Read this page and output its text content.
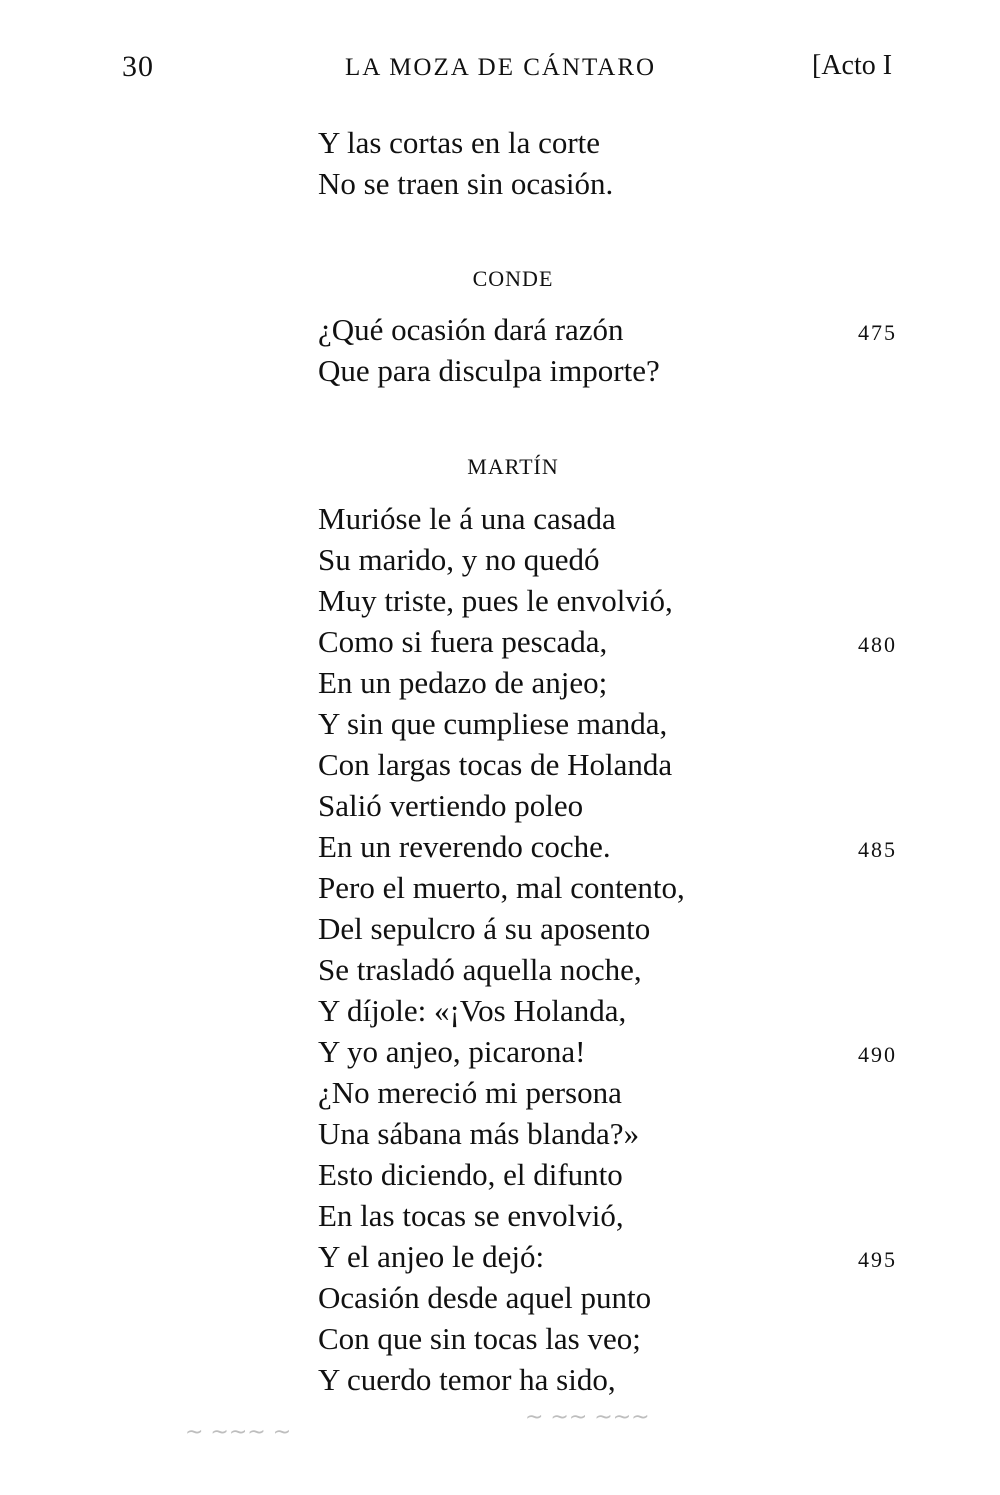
30	LA MOZA DE CÁNTARO	[Acto I
Y las cortas en la corte
No se traen sin ocasión.
CONDE
¿Qué ocasión dará razón	475
Que para disculpa importe?
MARTÍN
Murióse le á una casada
Su marido, y no quedó
Muy triste, pues le envolvió,
Como si fuera pescada,	480
En un pedazo de anjeo;
Y sin que cumpliese manda,
Con largas tocas de Holanda
Salió vertiendo poleo
En un reverendo coche.	485
Pero el muerto, mal contento,
Del sepulcro á su aposento
Se trasladó aquella noche,
Y díjole: «¡Vos Holanda,
Y yo anjeo, picarona!	490
¿No mereció mi persona
Una sábana más blanda?»
Esto diciendo, el difunto
En las tocas se envolvió,
Y el anjeo le dejó:	495
Ocasión desde aquel punto
Con que sin tocas las veo;
Y cuerdo temor ha sido,
~ ~~~ ~
~ ~~ ~~~
